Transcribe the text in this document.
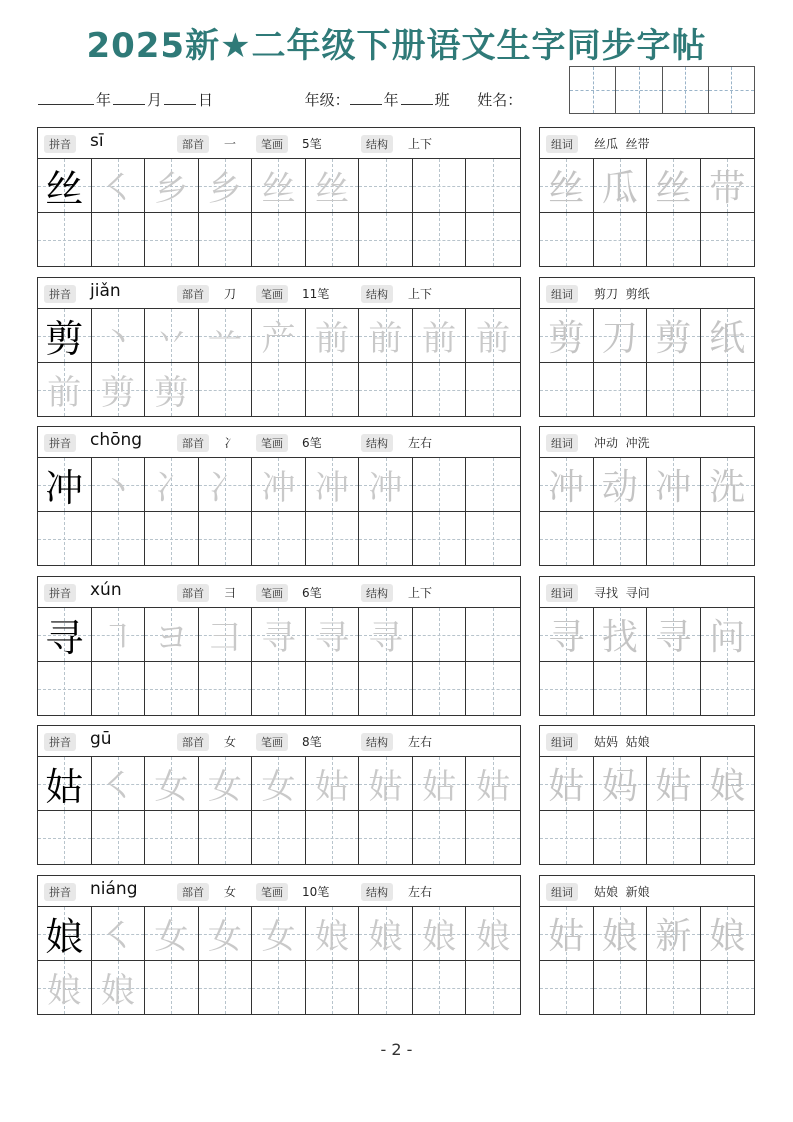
2025新★二年级下册语文生字同步字帖
年 月 日	年级： 年 班 姓名：
拼音 sī	部首	一	笔画	5笔	结构	上下
丝 ㇛ 乡 乡 丝 丝
组词	丝瓜  丝带
丝 瓜 丝 带
拼音 jiǎn	部首	刀	笔画	11笔	结构	上下
剪 丶 丷 䒑 产 前 前 前 前
前 剪 剪
组词	剪刀  剪纸
剪 刀 剪 纸
拼音 chōng	部首	冫	笔画	6笔	结构	左右
冲 丶 冫 冫 冲 冲 冲
组词	冲动  冲洗
冲 动 冲 洗
拼音 xún	部首	彐	笔画	6笔	结构	上下
寻 ㇕ ヨ 彐 寻 寻 寻
组词	寻找  寻问
寻 找 寻 问
拼音 gū	部首	女	笔画	8笔	结构	左右
姑 ㇛ 女 女 女 姑 姑 姑 姑
组词	姑妈  姑娘
姑 妈 姑 娘
拼音 niáng	部首	女	笔画	10笔	结构	左右
娘 ㇛ 女 女 女 娘 娘 娘 娘
娘 娘
组词	姑娘  新娘
姑 娘 新 娘
- 2 -
